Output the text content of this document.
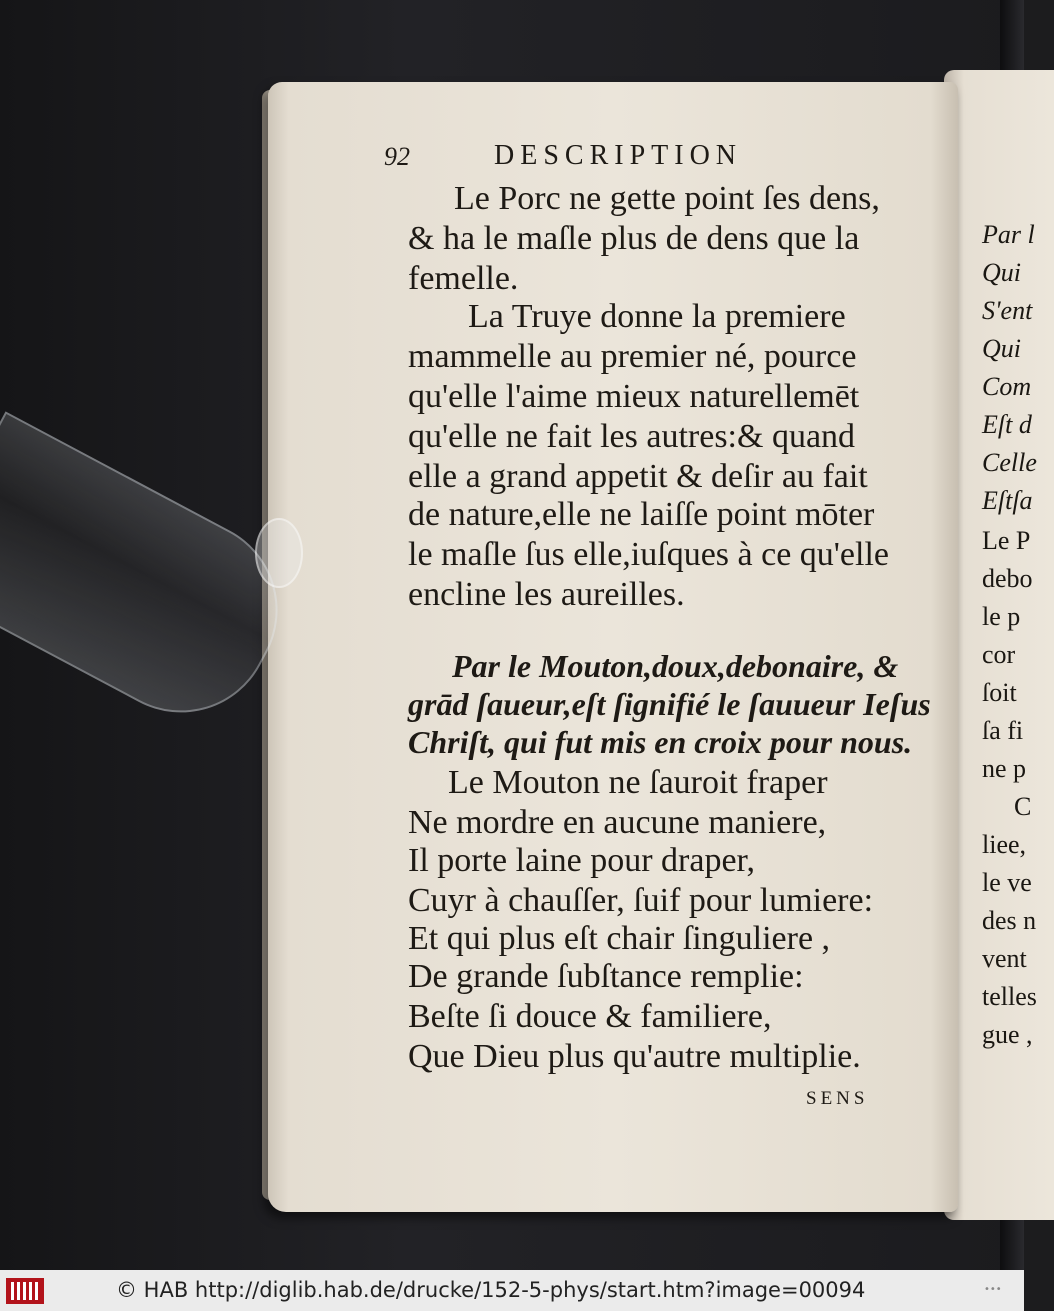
Par l
Qui
S'ent
Qui
Com
Eſt d
Celle
Eſtſa
Le P
debo
le p
cor
ſoit
ſa fi
ne p
C
liee,
le ve
des n
vent
telles
gue ,
92	DESCRIPTION
Le Porc ne gette point ſes dens,
& ha le maſle plus de dens que la
femelle.
La Truye donne la premiere
mammelle au premier né, pource
qu'elle l'aime mieux naturellemēt
qu'elle ne fait les autres:& quand
elle a grand appetit & deſir au fait
de nature,elle ne laiſſe point mōter
le maſle ſus elle,iuſques à ce qu'elle
encline les aureilles.
Par le Mouton,doux,debonaire, &
grād ſaueur,eſt ſignifié le ſauueur Ieſus
Chriſt, qui fut mis en croix pour nous.
Le Mouton ne ſauroit fraper
Ne mordre en aucune maniere,
Il porte laine pour draper,
Cuyr à chauſſer, ſuif pour lumiere:
Et qui plus eſt chair ſinguliere ,
De grande ſubſtance remplie:
Beſte ſi douce & familiere,
Que Dieu plus qu'autre multiplie.
SENS
© HAB http://diglib.hab.de/drucke/152-5-phys/start.htm?image=00094	•••
